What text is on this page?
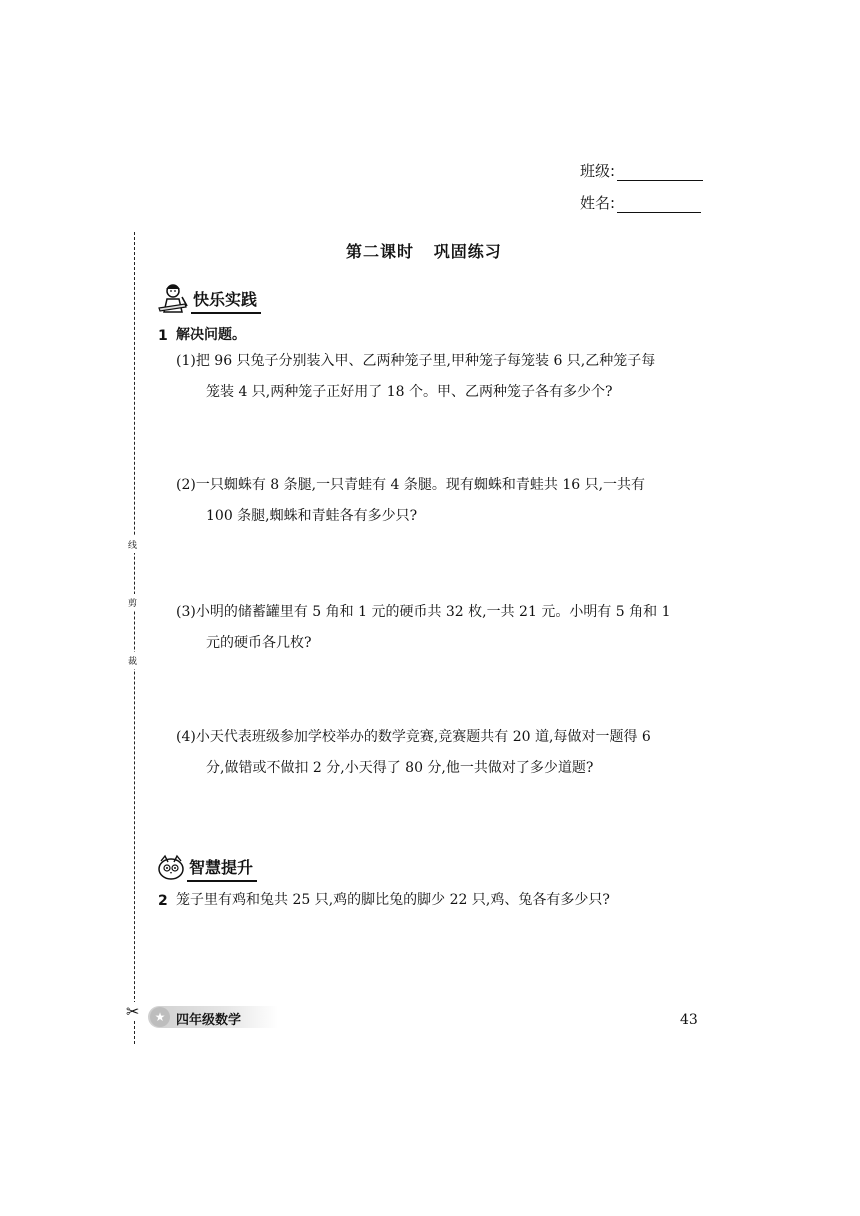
班级:
姓名:
线
剪
裁
✂
第二课时   巩固练习
快乐实践
1 解决问题。
(1)把 96 只兔子分别装入甲、乙两种笼子里,甲种笼子每笼装 6 只,乙种笼子每
笼装 4 只,两种笼子正好用了 18 个。甲、乙两种笼子各有多少个?
(2)一只蜘蛛有 8 条腿,一只青蛙有 4 条腿。现有蜘蛛和青蛙共 16 只,一共有
100 条腿,蜘蛛和青蛙各有多少只?
(3)小明的储蓄罐里有 5 角和 1 元的硬币共 32 枚,一共 21 元。小明有 5 角和 1
元的硬币各几枚?
(4)小天代表班级参加学校举办的数学竞赛,竞赛题共有 20 道,每做对一题得 6
分,做错或不做扣 2 分,小天得了 80 分,他一共做对了多少道题?
智慧提升
2 笼子里有鸡和兔共 25 只,鸡的脚比兔的脚少 22 只,鸡、兔各有多少只?
★ 四年级数学	43
